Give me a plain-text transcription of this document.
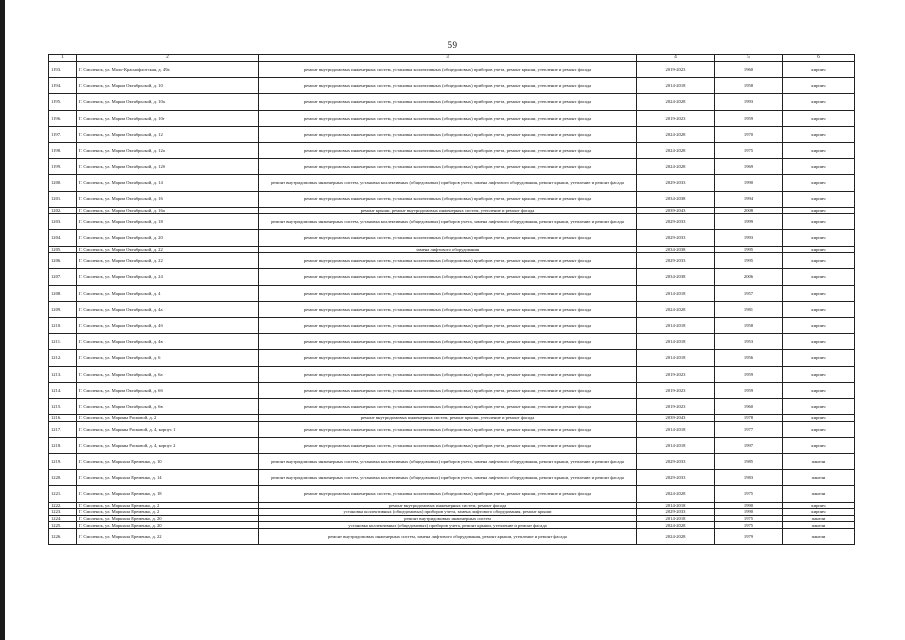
59
1	2	3	4	5	6
1193.	Г. Смоленск, ул. Мало-Краснофлотская, д. 49а	ремонт внутридомовых инженерных систем, установка коллективных (общедомовых) приборов учета, ремонт крыши, утепление и ремонт фасада	2019-2023	1960	кирпич
1194.	Г. Смоленск, ул. Марии Октябрьской, д. 10	ремонт внутридомовых инженерных систем, установка коллективных (общедомовых) приборов учета, ремонт крыши, утепление и ремонт фасада	2014-2018	1958	кирпич
1195.	Г. Смоленск, ул. Марии Октябрьской, д. 10а	ремонт внутридомовых инженерных систем, установка коллективных (общедомовых) приборов учета, ремонт крыши, утепление и ремонт фасада	2024-2028	1993	кирпич
1196.	Г. Смоленск, ул. Марии Октябрьской, д. 10г	ремонт внутридомовых инженерных систем, установка коллективных (общедомовых) приборов учета, ремонт крыши, утепление и ремонт фасада	2019-2023	1959	кирпич
1197.	Г. Смоленск, ул. Марии Октябрьской, д. 12	ремонт внутридомовых инженерных систем, установка коллективных (общедомовых) приборов учета, ремонт крыши, утепление и ремонт фасада	2024-2028	1970	кирпич
1198.	Г. Смоленск, ул. Марии Октябрьской, д. 12а	ремонт внутридомовых инженерных систем, установка коллективных (общедомовых) приборов учета, ремонт крыши, утепление и ремонт фасада	2024-2028	1975	кирпич
1199.	Г. Смоленск, ул. Марии Октябрьской, д. 12б	ремонт внутридомовых инженерных систем, установка коллективных (общедомовых) приборов учета, ремонт крыши, утепление и ремонт фасада	2024-2028	1969	кирпич
1200.	Г. Смоленск, ул. Марии Октябрьской, д. 14	ремонт внутридомовых инженерных систем, установка коллективных (общедомовых) приборов учета, замена лифтового оборудования, ремонт крыши, утепление и ремонт фасада	2029-2033	1990	кирпич
1201.	Г. Смоленск, ул. Марии Октябрьской, д. 16	ремонт внутридомовых инженерных систем, установка коллективных (общедомовых) приборов учета, ремонт крыши, утепление и ремонт фасада	2034-2038	1994	кирпич
1202.	Г. Смоленск, ул. Марии Октябрьской, д. 16а	ремонт крыши, ремонт внутридомовых инженерных систем, утепление и ремонт фасада	2039-2043	2008	кирпич
1203.	Г. Смоленск, ул. Марии Октябрьской, д. 18	ремонт внутридомовых инженерных систем, установка коллективных (общедомовых) приборов учета, замена лифтового оборудования, ремонт крыши, утепление и ремонт фасада	2029-2033	1999	кирпич
1204.	Г. Смоленск, ул. Марии Октябрьской, д. 20	ремонт внутридомовых инженерных систем, установка коллективных (общедомовых) приборов учета, ремонт крыши, утепление и ремонт фасада	2029-2033	1993	кирпич
1205.	Г. Смоленск, ул. Марии Октябрьской, д. 22	замена лифтового оборудования	2034-2038	1995	кирпич
1206.	Г. Смоленск, ул. Марии Октябрьской, д. 22	ремонт внутридомовых инженерных систем, установка коллективных (общедомовых) приборов учета, ремонт крыши, утепление и ремонт фасада	2029-2033	1995	кирпич
1207.	Г. Смоленск, ул. Марии Октябрьской, д. 24	ремонт внутридомовых инженерных систем, установка коллективных (общедомовых) приборов учета, ремонт крыши, утепление и ремонт фасада	2034-2038	2006	кирпич
1208.	Г. Смоленск, ул. Марии Октябрьской, д. 4	ремонт внутридомовых инженерных систем, установка коллективных (общедомовых) приборов учета, ремонт крыши, утепление и ремонт фасада	2014-2018	1957	кирпич
1209.	Г. Смоленск, ул. Марии Октябрьской, д. 4а	ремонт внутридомовых инженерных систем, установка коллективных (общедомовых) приборов учета, ремонт крыши, утепление и ремонт фасада	2024-2028	1981	кирпич
1210.	Г. Смоленск, ул. Марии Октябрьской, д. 4б	ремонт внутридомовых инженерных систем, установка коллективных (общедомовых) приборов учета, ремонт крыши, утепление и ремонт фасада	2014-2018	1958	кирпич
1211.	Г. Смоленск, ул. Марии Октябрьской, д. 4в	ремонт внутридомовых инженерных систем, установка коллективных (общедомовых) приборов учета, ремонт крыши, утепление и ремонт фасада	2014-2018	1953	кирпич
1212.	Г. Смоленск, ул. Марии Октябрьской, д. 6	ремонт внутридомовых инженерных систем, установка коллективных (общедомовых) приборов учета, ремонт крыши, утепление и ремонт фасада	2014-2018	1956	кирпич
1213.	Г. Смоленск, ул. Марии Октябрьской, д. 6а	ремонт внутридомовых инженерных систем, установка коллективных (общедомовых) приборов учета, ремонт крыши, утепление и ремонт фасада	2019-2023	1959	кирпич
1214.	Г. Смоленск, ул. Марии Октябрьской, д. 6б	ремонт внутридомовых инженерных систем, установка коллективных (общедомовых) приборов учета, ремонт крыши, утепление и ремонт фасада	2019-2023	1959	кирпич
1215.	Г. Смоленск, ул. Марии Октябрьской, д. 6в	ремонт внутридомовых инженерных систем, установка коллективных (общедомовых) приборов учета, ремонт крыши, утепление и ремонт фасада	2019-2023	1960	кирпич
1216.	Г. Смоленск, ул. Марины Расковой, д. 2	ремонт внутридомовых инженерных систем, ремонт крыши, утепление и ремонт фасада	2039-2043	1978	кирпич
1217.	Г. Смоленск, ул. Марины Расковой, д. 4, корпус 1	ремонт внутридомовых инженерных систем, установка коллективных (общедомовых) приборов учета, ремонт крыши, утепление и ремонт фасада	2014-2018	1977	кирпич
1218.	Г. Смоленск, ул. Марины Расковой, д. 4, корпус 2	ремонт внутридомовых инженерных систем, установка коллективных (общедомовых) приборов учета, ремонт крыши, утепление и ремонт фасада	2014-2018	1997	кирпич
1219.	Г. Смоленск, ул. Маршала Еременко, д. 10	ремонт внутридомовых инженерных систем, установка коллективных (общедомовых) приборов учета, замена лифтового оборудования, ремонт крыши, утепление и ремонт фасада	2029-2033	1985	панели
1220.	Г. Смоленск, ул. Маршала Еременко, д. 14	ремонт внутридомовых инженерных систем, установка коллективных (общедомовых) приборов учета, замена лифтового оборудования, ремонт крыши, утепление и ремонт фасада	2029-2033	1983	панели
1221.	Г. Смоленск, ул. Маршала Еременко, д. 18	ремонт внутридомовых инженерных систем, установка коллективных (общедомовых) приборов учета, ремонт крыши, утепление и ремонт фасада	2024-2028	1975	панели
1222.	Г. Смоленск, ул. Маршала Еременко, д. 2	ремонт внутридомовых инженерных систем, ремонт фасада	2014-2018	1990	кирпич
1223.	Г. Смоленск, ул. Маршала Еременко, д. 2	установка коллективных (общедомовых) приборов учета, замена лифтового оборудования, ремонт крыши	2029-2033	1990	кирпич
1224.	Г. Смоленск, ул. Маршала Еременко, д. 20	ремонт внутридомовых инженерных систем	2014-2018	1975	панели
1225.	Г. Смоленск, ул. Маршала Еременко, д. 20	установка коллективных (общедомовых) приборов учета, ремонт крыши, утепление и ремонт фасада	2024-2028	1975	панели
1226.	Г. Смоленск, ул. Маршала Еременко, д. 22	ремонт внутридомовых инженерных систем, замена лифтового оборудования, ремонт крыши, утепление и ремонт фасада	2024-2028	1979	панели
